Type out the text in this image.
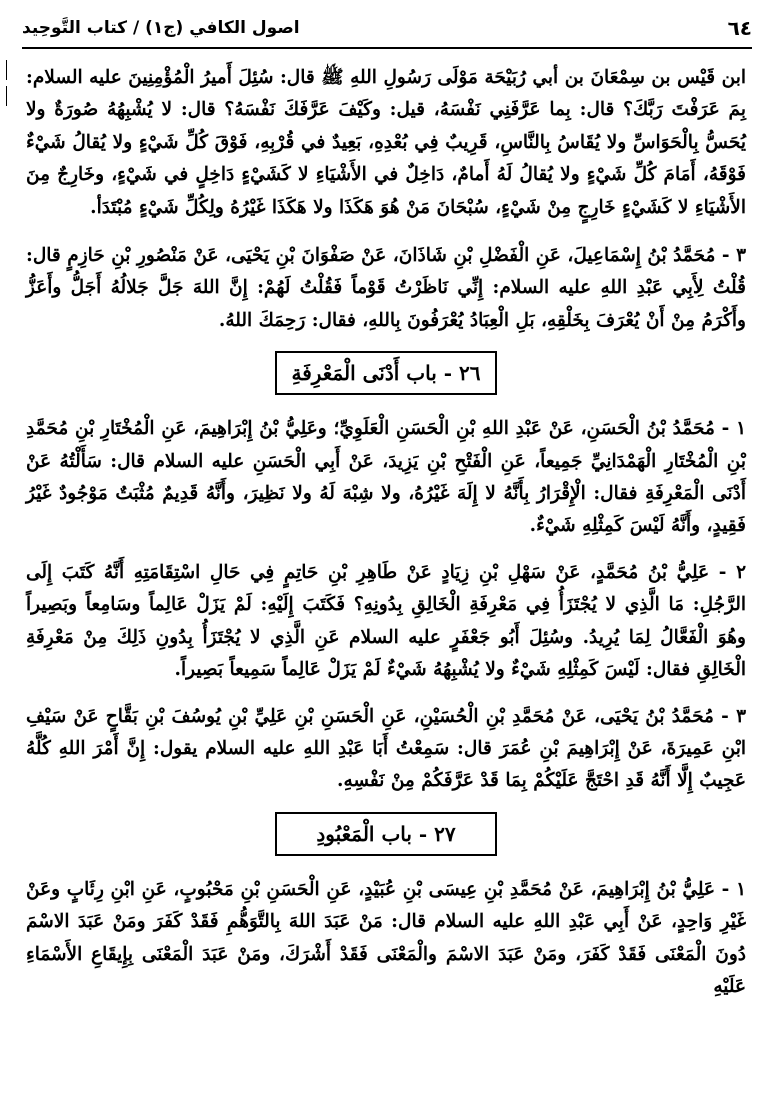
٦٤
اصول الكافي (ج١) / كتاب التَّوحِيد

ابن قَيْس بن سِمْعَانَ بن أبي رُبَيْحَة مَوْلَى رَسُولِ اللهِ ﷺ قال: سُئِلَ أَميرُ الْمُؤْمِنِينَ عليه السلام: بِمَ عَرَفْتَ رَبَّكَ؟ قال: بِما عَرَّفَنِي نَفْسَهُ، قيل: وكَيْفَ عَرَّفَكَ نَفْسَهُ؟ قال: لا يُشْبِهُهُ صُورَةٌ ولا يُحَسُّ بِالْحَوَاسِّ ولا يُقَاسُ بِالنَّاسِ، قَرِيبٌ فِي بُعْدِهِ، بَعِيدٌ في قُرْبِهِ، فَوْقَ كُلِّ شَيْءٍ ولا يُقالُ شَيْءٌ فَوْقَهُ، أَمَامَ كُلِّ شَيْءٍ ولا يُقالُ لَهُ أَمامٌ، دَاخِلٌ في الأَشْيَاءِ لا كَشَيْءٍ دَاخِلٍ في شَيْءٍ، وخَارِجٌ مِنَ الأَشْيَاءِ لا كَشَيْءٍ خَارِجٍ مِنْ شَيْءٍ، سُبْحَانَ مَنْ هُوَ هَكَذَا ولا هَكَذَا غَيْرُهُ ولِكُلِّ شَيْءٍ مُبْتَدَأ.

٣ - مُحَمَّدُ بْنُ إِسْمَاعِيلَ، عَنِ الْفَضْلِ بْنِ شَاذَانَ، عَنْ صَفْوَانَ بْنِ يَحْيَى، عَنْ مَنْصُورِ بْنِ حَازِمٍ قال: قُلْتُ لِأَبِي عَبْدِ اللهِ عليه السلام: إِنِّي نَاظَرْتُ قَوْماً فَقُلْتُ لَهُمْ: إِنَّ اللهَ جَلَّ جَلالُهُ أَجَلُّ وأَعَزُّ وأَكْرَمُ مِنْ أَنْ يُعْرَفَ بِخَلْقِهِ، بَلِ الْعِبَادُ يُعْرَفُونَ بِاللهِ، فقال: رَحِمَكَ اللهُ.

٢٦ - باب أَدْنَى الْمَعْرِفَةِ

١ - مُحَمَّدُ بْنُ الْحَسَنِ، عَنْ عَبْدِ اللهِ بْنِ الْحَسَنِ الْعَلَوِيِّ؛ وعَلِيُّ بْنُ إِبْرَاهِيمَ، عَنِ الْمُخْتَارِ بْنِ مُحَمَّدِ بْنِ الْمُخْتَارِ الْهَمْدَانِيِّ جَمِيعاً، عَنِ الْفَتْحِ بْنِ يَزِيدَ، عَنْ أَبِي الْحَسَنِ عليه السلام قال: سَأَلْتُهُ عَنْ أَدْنَى الْمَعْرِفَةِ فقال: الْإِقْرَارُ بِأَنَّهُ لا إِلَهَ غَيْرُهُ، ولا شِبْهَ لَهُ ولا نَظِيرَ، وأَنَّهُ قَدِيمٌ مُثْبَتٌ مَوْجُودٌ غَيْرُ فَقِيدٍ، وأَنَّهُ لَيْسَ كَمِثْلِهِ شَيْءٌ.

٢ - عَلِيُّ بْنُ مُحَمَّدٍ، عَنْ سَهْلِ بْنِ زِيَادٍ عَنْ طَاهِرِ بْنِ حَاتِمٍ فِي حَالِ اسْتِقَامَتِهِ أَنَّهُ كَتَبَ إِلَى الرَّجُلِ: مَا الَّذِي لا يُجْتَزَأُ فِي مَعْرِفَةِ الْخَالِقِ بِدُونِهِ؟ فَكَتَبَ إِلَيْهِ: لَمْ يَزَلْ عَالِماً وسَامِعاً وبَصِيراً وهُوَ الْفَعَّالُ لِمَا يُرِيدُ. وسُئِلَ أَبُو جَعْفَرٍ عليه السلام عَنِ الَّذِي لا يُجْتَزَأُ بِدُونِ ذَلِكَ مِنْ مَعْرِفَةِ الْخَالِقِ فقال: لَيْسَ كَمِثْلِهِ شَيْءٌ ولا يُشْبِهُهُ شَيْءٌ لَمْ يَزَلْ عَالِماً سَمِيعاً بَصِيراً.

٣ - مُحَمَّدُ بْنُ يَحْيَى، عَنْ مُحَمَّدِ بْنِ الْحُسَيْنِ، عَنِ الْحَسَنِ بْنِ عَلِيِّ بْنِ يُوسُفَ بْنِ بَقَّاحٍ عَنْ سَيْفِ ابْنِ عَمِيرَةَ، عَنْ إِبْرَاهِيمَ بْنِ عُمَرَ قال: سَمِعْتُ أَبَا عَبْدِ اللهِ عليه السلام يقول: إِنَّ أَمْرَ اللهِ كُلَّهُ عَجِيبٌ إِلَّا أَنَّهُ قَدِ احْتَجَّ عَلَيْكُمْ بِمَا قَدْ عَرَّفَكُمْ مِنْ نَفْسِهِ.

٢٧ - باب الْمَعْبُودِ

١ - عَلِيُّ بْنُ إِبْرَاهِيمَ، عَنْ مُحَمَّدِ بْنِ عِيسَى بْنِ عُبَيْدٍ، عَنِ الْحَسَنِ بْنِ مَحْبُوبٍ، عَنِ ابْنِ رِئَابٍ وعَنْ غَيْرِ وَاحِدٍ، عَنْ أَبِي عَبْدِ اللهِ عليه السلام قال: مَنْ عَبَدَ اللهَ بِالتَّوَهُّمِ فَقَدْ كَفَرَ ومَنْ عَبَدَ الاسْمَ دُونَ الْمَعْنَى فَقَدْ كَفَرَ، ومَنْ عَبَدَ الاسْمَ والْمَعْنَى فَقَدْ أَشْرَكَ، ومَنْ عَبَدَ الْمَعْنَى بِإِيقَاعِ الأَسْمَاءِ عَلَيْهِ
